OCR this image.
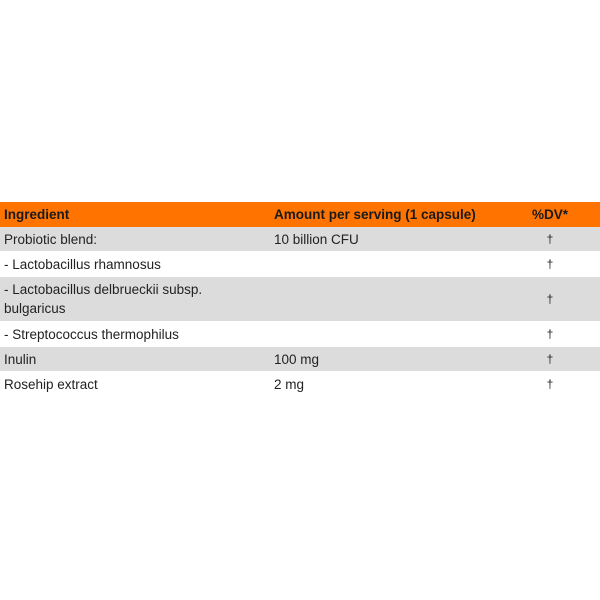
Ingredient	Amount per serving (1 capsule)	%DV*
Probiotic blend:	10 billion CFU	†
- Lactobacillus rhamnosus		†
- Lactobacillus delbrueckii subsp. bulgaricus		†
- Streptococcus thermophilus		†
Inulin	100 mg	†
Rosehip extract	2 mg	†
